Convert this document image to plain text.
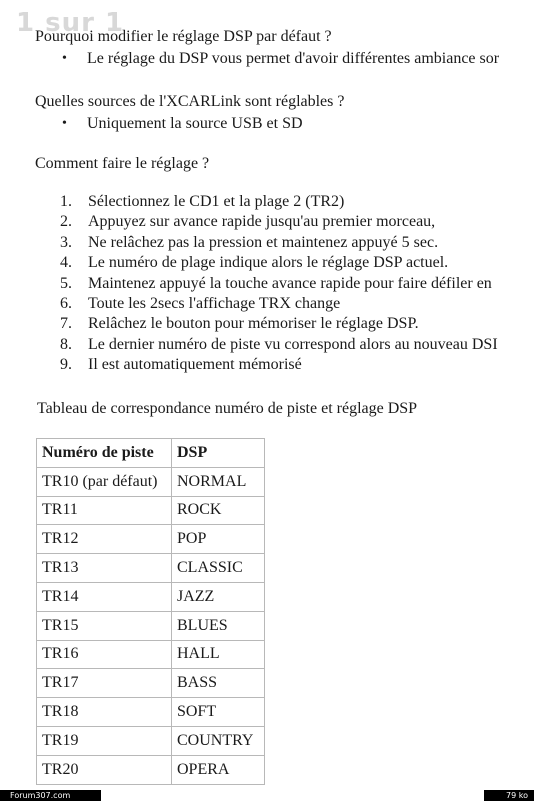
1 sur 1
Pourquoi modifier le réglage DSP par défaut ?
• Le réglage du DSP vous permet d'avoir différentes ambiance sor
Quelles sources de l'XCARLink sont réglables ?
• Uniquement la source USB et SD
Comment faire le réglage ?
1. Sélectionnez le CD1 et la plage 2 (TR2)
2. Appuyez sur avance rapide jusqu'au premier morceau,
3. Ne relâchez pas la pression et maintenez appuyé 5 sec.
4. Le numéro de plage indique alors le réglage DSP actuel.
5. Maintenez appuyé la touche avance rapide pour faire défiler en
6. Toute les 2secs l'affichage TRX change
7. Relâchez le bouton pour mémoriser le réglage DSP.
8. Le dernier numéro de piste vu correspond alors au nouveau DSI
9. Il est automatiquement mémorisé
Tableau de correspondance numéro de piste et réglage DSP
Numéro de piste	DSP
TR10 (par défaut)	NORMAL
TR11	ROCK
TR12	POP
TR13	CLASSIC
TR14	JAZZ
TR15	BLUES
TR16	HALL
TR17	BASS
TR18	SOFT
TR19	COUNTRY
TR20	OPERA
Forum307.com	79 ko
